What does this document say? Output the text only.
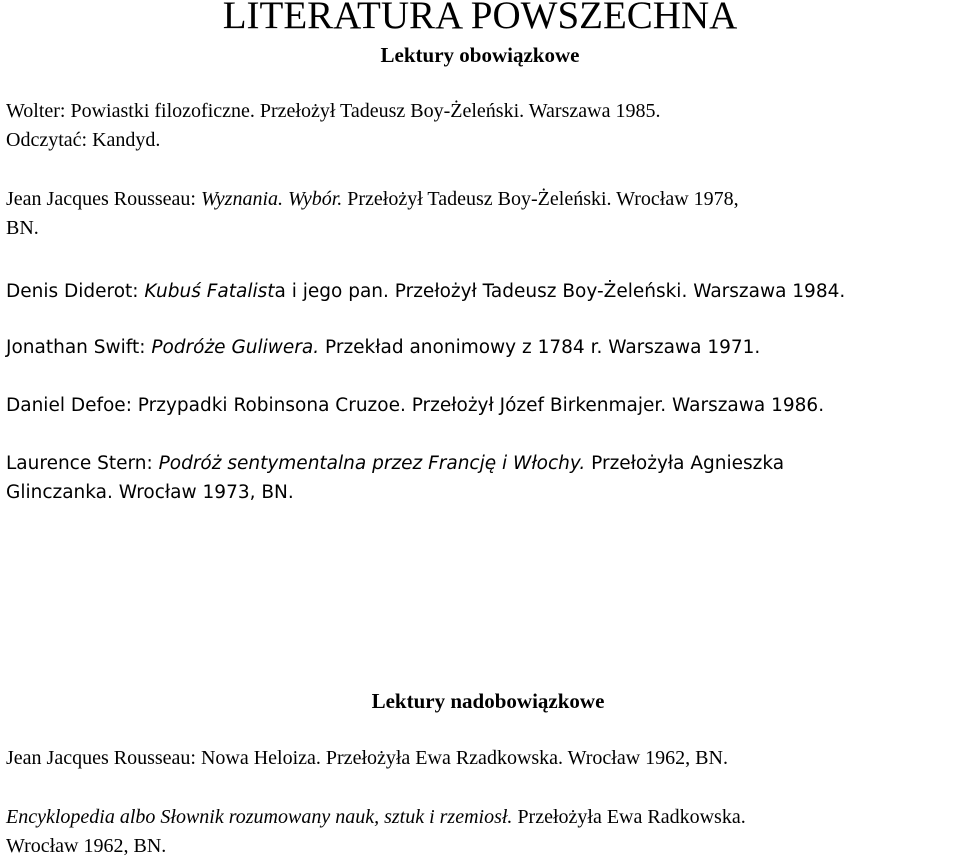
LITERATURA POWSZECHNA
Lektury obowiązkowe

Wolter: Powiastki filozoficzne. Przełożył Tadeusz Boy-Żeleński. Warszawa 1985.
Odczytać: Kandyd.

Jean Jacques Rousseau: Wyznania. Wybór. Przełożył Tadeusz Boy-Żeleński. Wrocław 1978,
BN.

Denis Diderot: Kubuś Fatalista i jego pan. Przełożył Tadeusz Boy-Żeleński. Warszawa 1984.

Jonathan Swift: Podróże Guliwera. Przekład anonimowy z 1784 r. Warszawa 1971.

Daniel Defoe: Przypadki Robinsona Cruzoe. Przełożył Józef Birkenmajer. Warszawa 1986.

Laurence Stern: Podróż sentymentalna przez Francję i Włochy. Przełożyła Agnieszka
Glinczanka. Wrocław 1973, BN.

Lektury nadobowiązkowe

Jean Jacques Rousseau: Nowa Heloiza. Przełożyła Ewa Rzadkowska. Wrocław 1962, BN.

Encyklopedia albo Słownik rozumowany nauk, sztuk i rzemiosł. Przełożyła Ewa Radkowska.
Wrocław 1962, BN.
